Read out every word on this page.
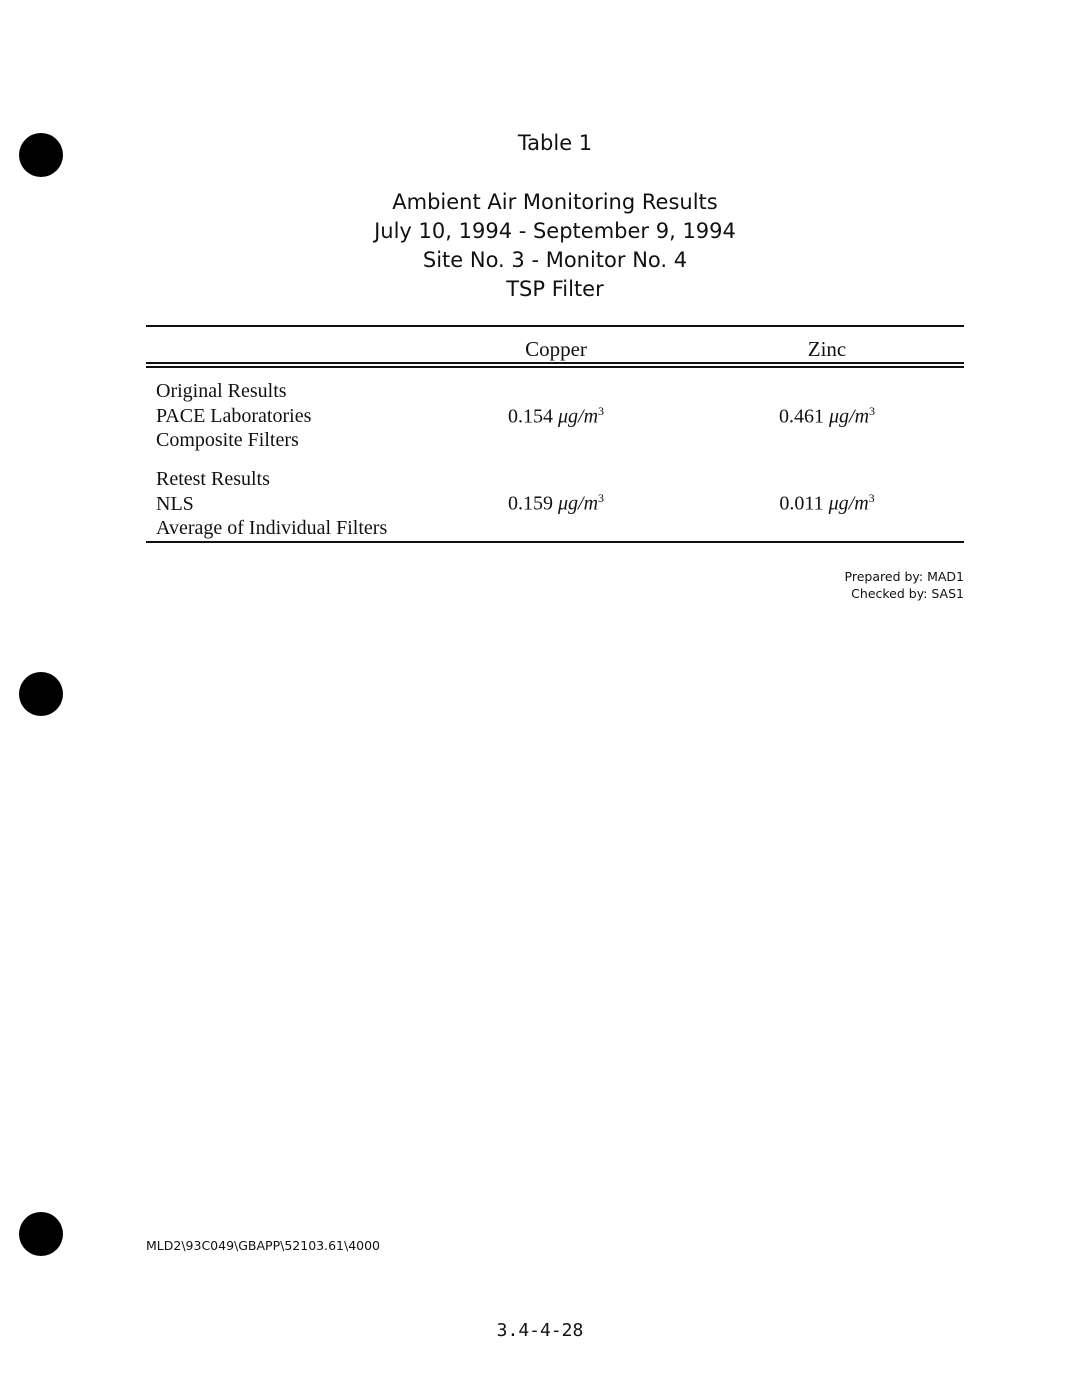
Table 1
Ambient Air Monitoring Results
July 10, 1994 - September 9, 1994
Site No. 3 - Monitor No. 4
TSP Filter
Copper	Zinc
Original Results
PACE Laboratories
Composite Filters
0.154 $\mu g/m^3$	0.461 $\mu g/m^3$
Retest Results
NLS
Average of Individual Filters
0.159 $\mu g/m^3$	0.011 $\mu g/m^3$
Prepared by: MAD1
Checked by: SAS1
MLD2\93C049\GBAPP\52103.61\4000
3.4-4-28
